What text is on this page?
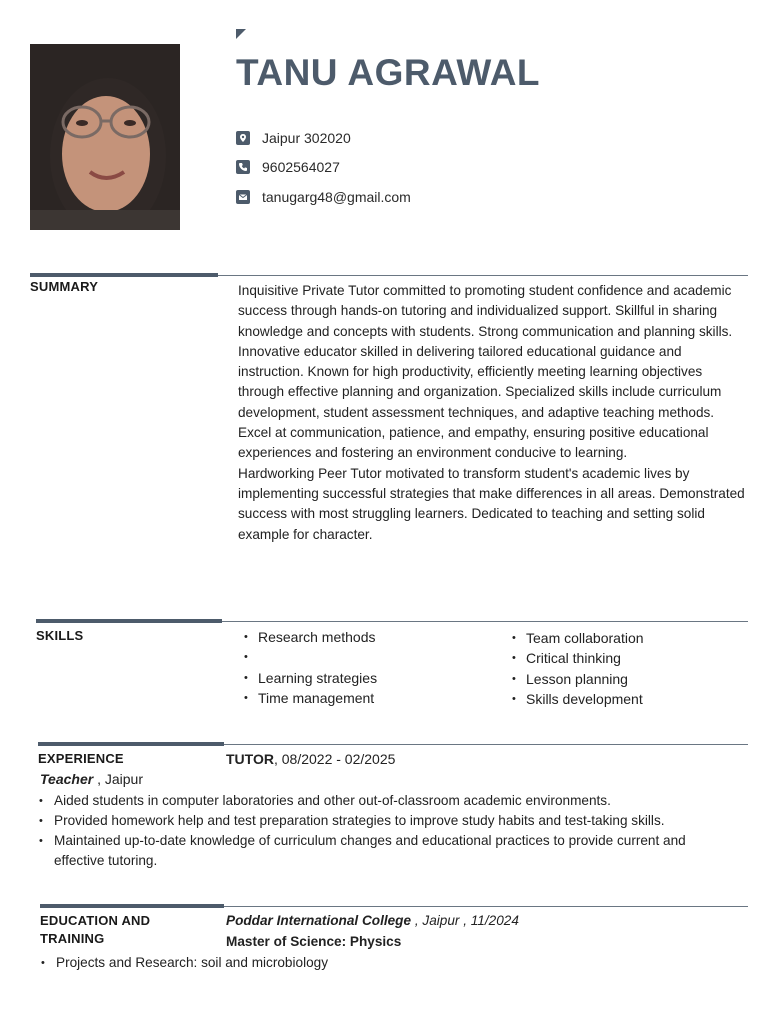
TANU AGRAWAL
Jaipur 302020
9602564027
tanugarg48@gmail.com
SUMMARY	Inquisitive Private Tutor committed to promoting student confidence and academic success through hands-on tutoring and individualized support. Skillful in sharing knowledge and concepts with students. Strong communication and planning skills.

Innovative educator skilled in delivering tailored educational guidance and instruction. Known for high productivity, efficiently meeting learning objectives through effective planning and organization. Specialized skills include curriculum development, student assessment techniques, and adaptive teaching methods. Excel at communication, patience, and empathy, ensuring positive educational experiences and fostering an environment conducive to learning.

Hardworking Peer Tutor motivated to transform student's academic lives by implementing successful strategies that make differences in all areas. Demonstrated success with most struggling learners. Dedicated to teaching and setting solid example for character.

SKILLS
•	Research methods
•
• Learning strategies
• Time management
• Team collaboration
• Critical thinking
• Lesson planning
• Skills development
EXPERIENCE	TUTOR, 08/2022 - 02/2025
Teacher , Jaipur
• Aided students in computer laboratories and other out-of-classroom academic environments.
• Provided homework help and test preparation strategies to improve study habits and test-taking skills.
• Maintained up-to-date knowledge of curriculum changes and educational practices to provide current and effective tutoring.
EDUCATION AND
TRAINING
Poddar International College , Jaipur , 11/2024
Master of Science: Physics
• Projects and Research: soil and microbiology
